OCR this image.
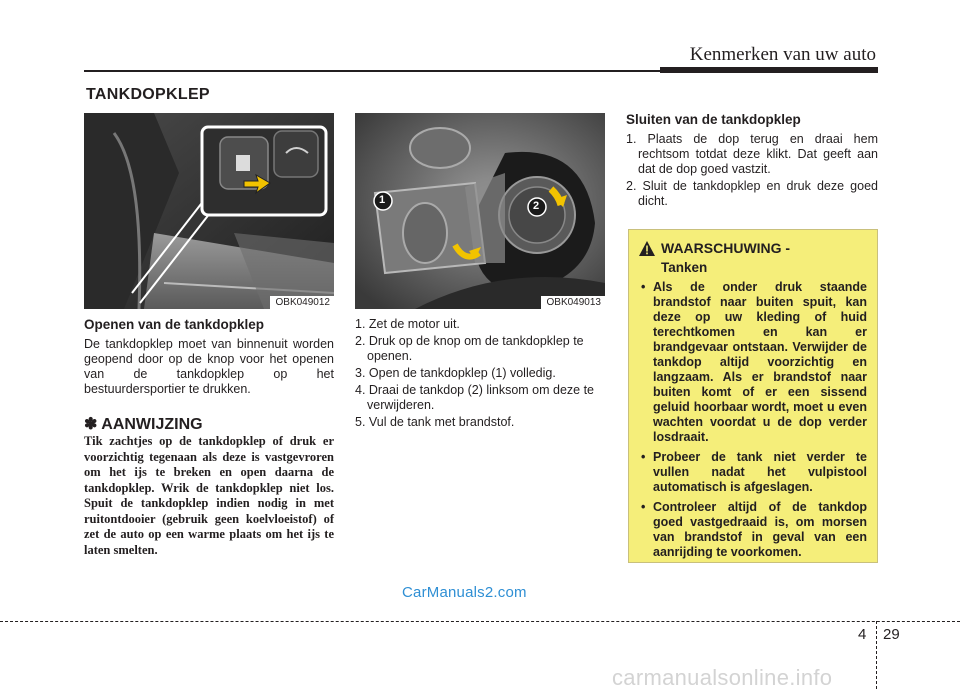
Kenmerken van uw auto
TANKDOPKLEP
OBK049012
1	2
OBK049013
Openen van de tankdopklep

De tankdopklep moet van binnenuit worden geopend door op de knop voor het openen van de tankdopklep op het bestuurdersportier te drukken.

✽ AANWIJZING
Tik zachtjes op de tankdopklep of druk er voorzichtig tegenaan als deze is vastgevroren om het ijs te breken en open daarna de tankdopklep. Wrik de tankdopklep niet los. Spuit de tankdopklep indien nodig in met ruitontdooier (gebruik geen koelvloeistof) of zet de auto op een warme plaats om het ijs te laten smelten.
1. Zet de motor uit.
2. Druk op de knop om de tankdopklep te openen.
3. Open de tankdopklep (1) volledig.
4. Draai de tankdop (2) linksom om deze te verwijderen.
5. Vul de tank met brandstof.
Sluiten van de tankdopklep
1. Plaats de dop terug en draai hem rechtsom totdat deze klikt. Dat geeft aan dat de dop goed vastzit.
2. Sluit de tankdopklep en druk deze goed dicht.
WAARSCHUWING -
Tanken
• Als de onder druk staande brandstof naar buiten spuit, kan deze op uw kleding of huid terechtkomen en kan er brandgevaar ontstaan. Verwijder de tankdop altijd voorzichtig en langzaam. Als er brandstof naar buiten komt of er een sissend geluid hoorbaar wordt, moet u even wachten voordat u de dop verder losdraait.
• Probeer de tank niet verder te vullen nadat het vulpistool automatisch is afgeslagen.
• Controleer altijd of de tankdop goed vastgedraaid is, om morsen van brandstof in geval van een aanrijding te voorkomen.
CarManuals2.com
4 29
carmanualsonline.info
